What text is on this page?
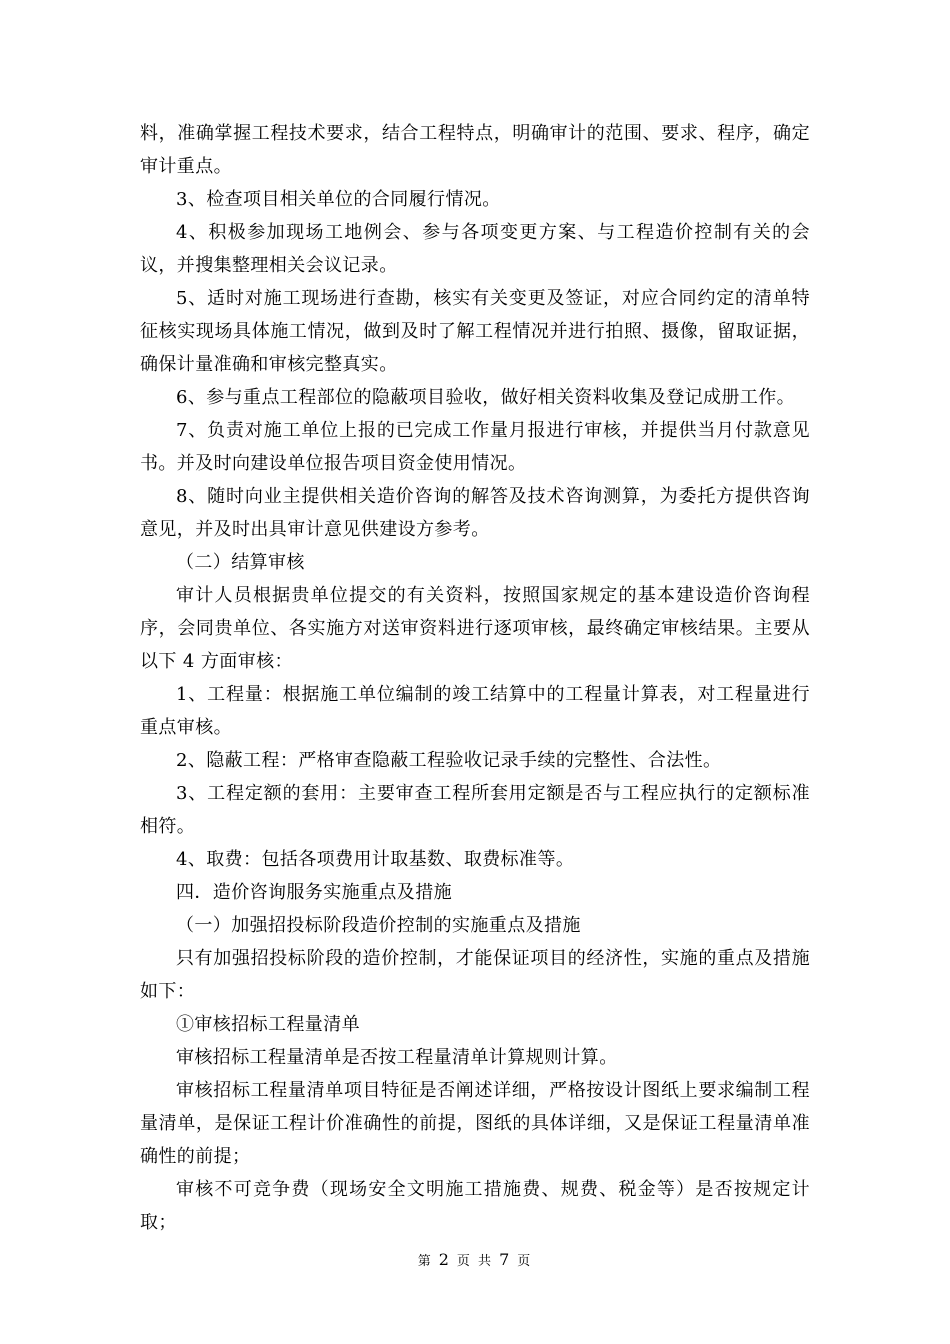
料，准确掌握工程技术要求，结合工程特点，明确审计的范围、要求、程序，确定审计重点。

3、检查项目相关单位的合同履行情况。

4、积极参加现场工地例会、参与各项变更方案、与工程造价控制有关的会议，并搜集整理相关会议记录。

5、适时对施工现场进行查勘，核实有关变更及签证，对应合同约定的清单特征核实现场具体施工情况，做到及时了解工程情况并进行拍照、摄像，留取证据，确保计量准确和审核完整真实。

6、参与重点工程部位的隐蔽项目验收，做好相关资料收集及登记成册工作。

7、负责对施工单位上报的已完成工作量月报进行审核，并提供当月付款意见书。并及时向建设单位报告项目资金使用情况。

8、随时向业主提供相关造价咨询的解答及技术咨询测算，为委托方提供咨询意见，并及时出具审计意见供建设方参考。

（二）结算审核

审计人员根据贵单位提交的有关资料，按照国家规定的基本建设造价咨询程序，会同贵单位、各实施方对送审资料进行逐项审核，最终确定审核结果。主要从以下 4 方面审核：

1、工程量：根据施工单位编制的竣工结算中的工程量计算表，对工程量进行重点审核。

2、隐蔽工程：严格审查隐蔽工程验收记录手续的完整性、合法性。

3、工程定额的套用：主要审查工程所套用定额是否与工程应执行的定额标准相符。

4、取费：包括各项费用计取基数、取费标准等。

四．造价咨询服务实施重点及措施

（一）加强招投标阶段造价控制的实施重点及措施

只有加强招投标阶段的造价控制，才能保证项目的经济性，实施的重点及措施如下：

①审核招标工程量清单

审核招标工程量清单是否按工程量清单计算规则计算。

审核招标工程量清单项目特征是否阐述详细，严格按设计图纸上要求编制工程量清单，是保证工程计价准确性的前提，图纸的具体详细，又是保证工程量清单准确性的前提；

审核不可竞争费（现场安全文明施工措施费、规费、税金等）是否按规定计取；

第 2 页 共 7 页
